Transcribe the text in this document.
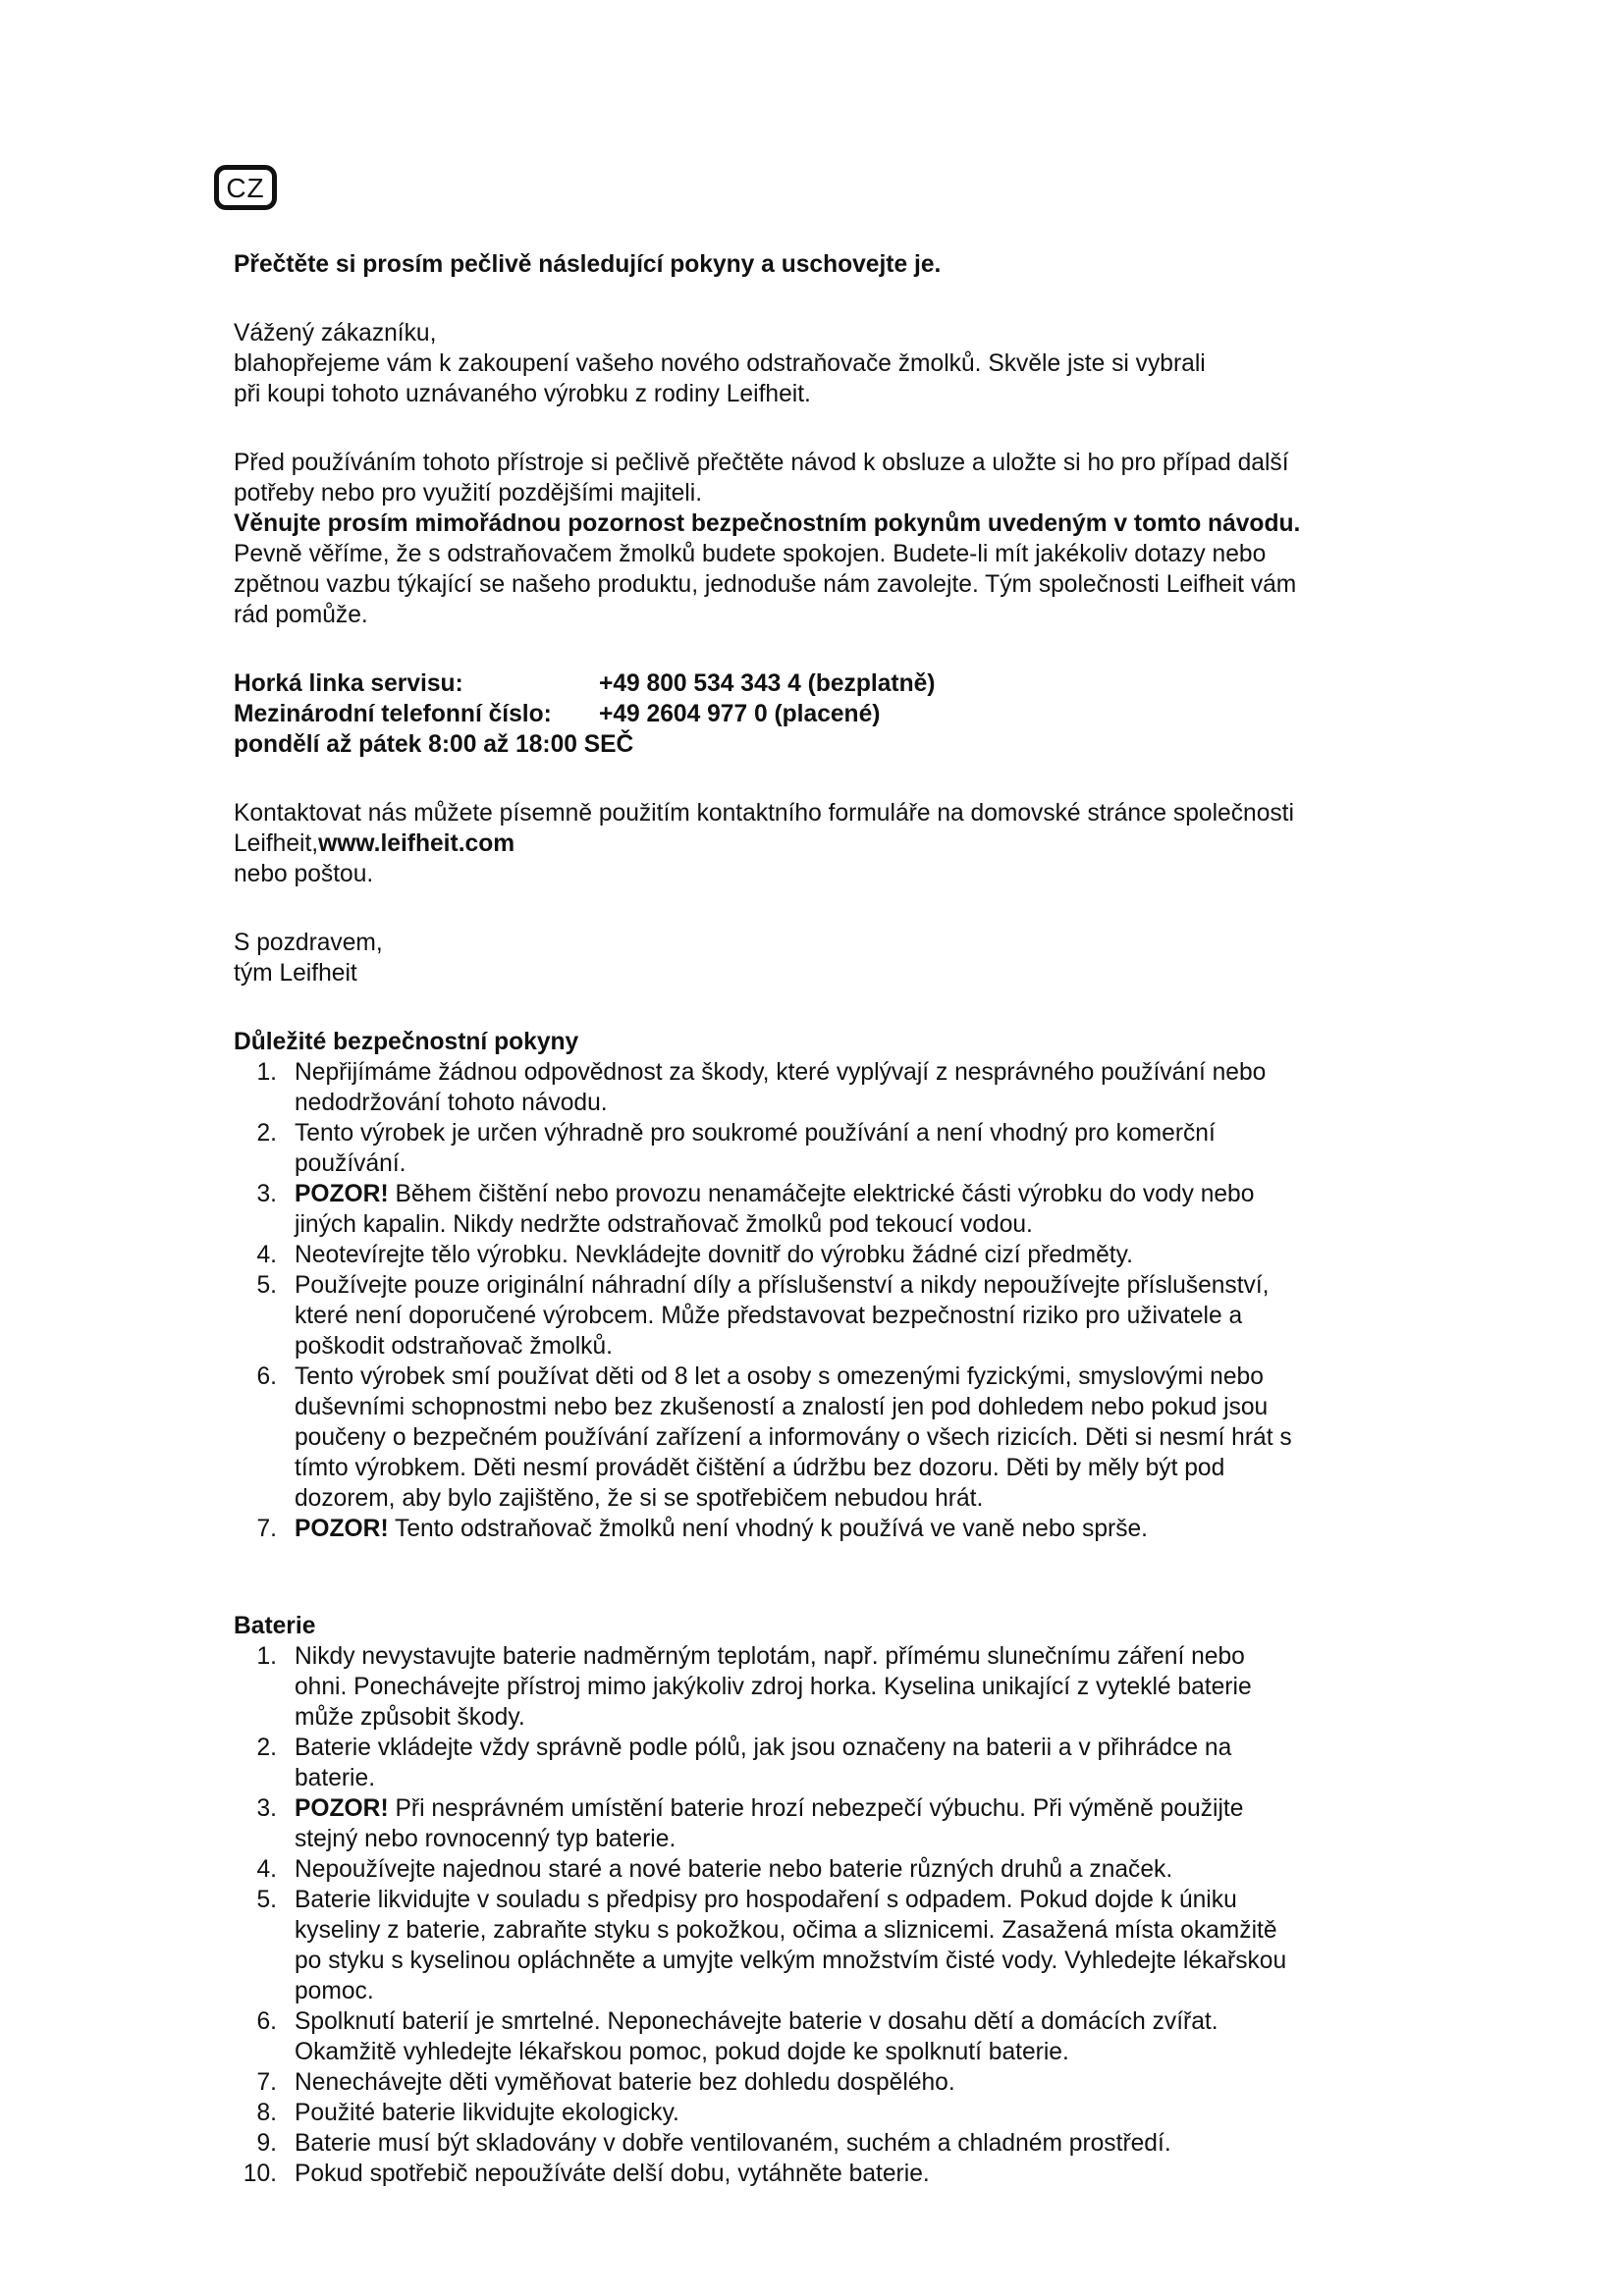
CZ

Přečtěte si prosím pečlivě následující pokyny a uschovejte je.

Vážený zákazníku,

blahopřejeme vám k zakoupení vašeho nového odstraňovače žmolků. Skvěle jste si vybrali

při koupi tohoto uznávaného výrobku z rodiny Leifheit.

Před používáním tohoto přístroje si pečlivě přečtěte návod k obsluze a uložte si ho pro případ další

potřeby nebo pro využití pozdějšími majiteli.

Věnujte prosím mimořádnou pozornost bezpečnostním pokynům uvedeným v tomto návodu.

Pevně věříme, že s odstraňovačem žmolků budete spokojen. Budete-li mít jakékoliv dotazy nebo

zpětnou vazbu týkající se našeho produktu, jednoduše nám zavolejte. Tým společnosti Leifheit vám

rád pomůže.

Horká linka servisu:	+49 800 534 343 4 (bezplatně)
Mezinárodní telefonní číslo:	+49 2604 977 0 (placené)

pondělí až pátek 8:00 až 18:00 SEČ

Kontaktovat nás můžete písemně použitím kontaktního formuláře na domovské stránce společnosti

Leifheit,www.leifheit.com

nebo poštou.

S pozdravem,

tým Leifheit

Důležité bezpečnostní pokyny

1. Nepřijímáme žádnou odpovědnost za škody, které vyplývají z nesprávného používání nebo
nedodržování tohoto návodu.
2. Tento výrobek je určen výhradně pro soukromé používání a není vhodný pro komerční
používání.
3. POZOR! Během čištění nebo provozu nenamáčejte elektrické části výrobku do vody nebo
jiných kapalin. Nikdy nedržte odstraňovač žmolků pod tekoucí vodou.
4. Neotevírejte tělo výrobku. Nevkládejte dovnitř do výrobku žádné cizí předměty.
5. Používejte pouze originální náhradní díly a příslušenství a nikdy nepoužívejte příslušenství,
které není doporučené výrobcem. Může představovat bezpečnostní riziko pro uživatele a
poškodit odstraňovač žmolků.
6. Tento výrobek smí používat děti od 8 let a osoby s omezenými fyzickými, smyslovými nebo
duševními schopnostmi nebo bez zkušeností a znalostí jen pod dohledem nebo pokud jsou
poučeny o bezpečném používání zařízení a informovány o všech rizicích. Děti si nesmí hrát s
tímto výrobkem. Děti nesmí provádět čištění a údržbu bez dozoru. Děti by měly být pod
dozorem, aby bylo zajištěno, že si se spotřebičem nebudou hrát.
7. POZOR! Tento odstraňovač žmolků není vhodný k používá ve vaně nebo sprše.

Baterie

1. Nikdy nevystavujte baterie nadměrným teplotám, např. přímému slunečnímu záření nebo
ohni. Ponechávejte přístroj mimo jakýkoliv zdroj horka. Kyselina unikající z vyteklé baterie
může způsobit škody.
2. Baterie vkládejte vždy správně podle pólů, jak jsou označeny na baterii a v přihrádce na
baterie.
3. POZOR! Při nesprávném umístění baterie hrozí nebezpečí výbuchu. Při výměně použijte
stejný nebo rovnocenný typ baterie.
4. Nepoužívejte najednou staré a nové baterie nebo baterie různých druhů a značek.
5. Baterie likvidujte v souladu s předpisy pro hospodaření s odpadem. Pokud dojde k úniku
kyseliny z baterie, zabraňte styku s pokožkou, očima a sliznicemi. Zasažená místa okamžitě
po styku s kyselinou opláchněte a umyjte velkým množstvím čisté vody. Vyhledejte lékařskou
pomoc.
6. Spolknutí baterií je smrtelné. Neponechávejte baterie v dosahu dětí a domácích zvířat.
Okamžitě vyhledejte lékařskou pomoc, pokud dojde ke spolknutí baterie.
7. Nenechávejte děti vyměňovat baterie bez dohledu dospělého.
8. Použité baterie likvidujte ekologicky.
9. Baterie musí být skladovány v dobře ventilovaném, suchém a chladném prostředí.
10. Pokud spotřebič nepoužíváte delší dobu, vytáhněte baterie.
